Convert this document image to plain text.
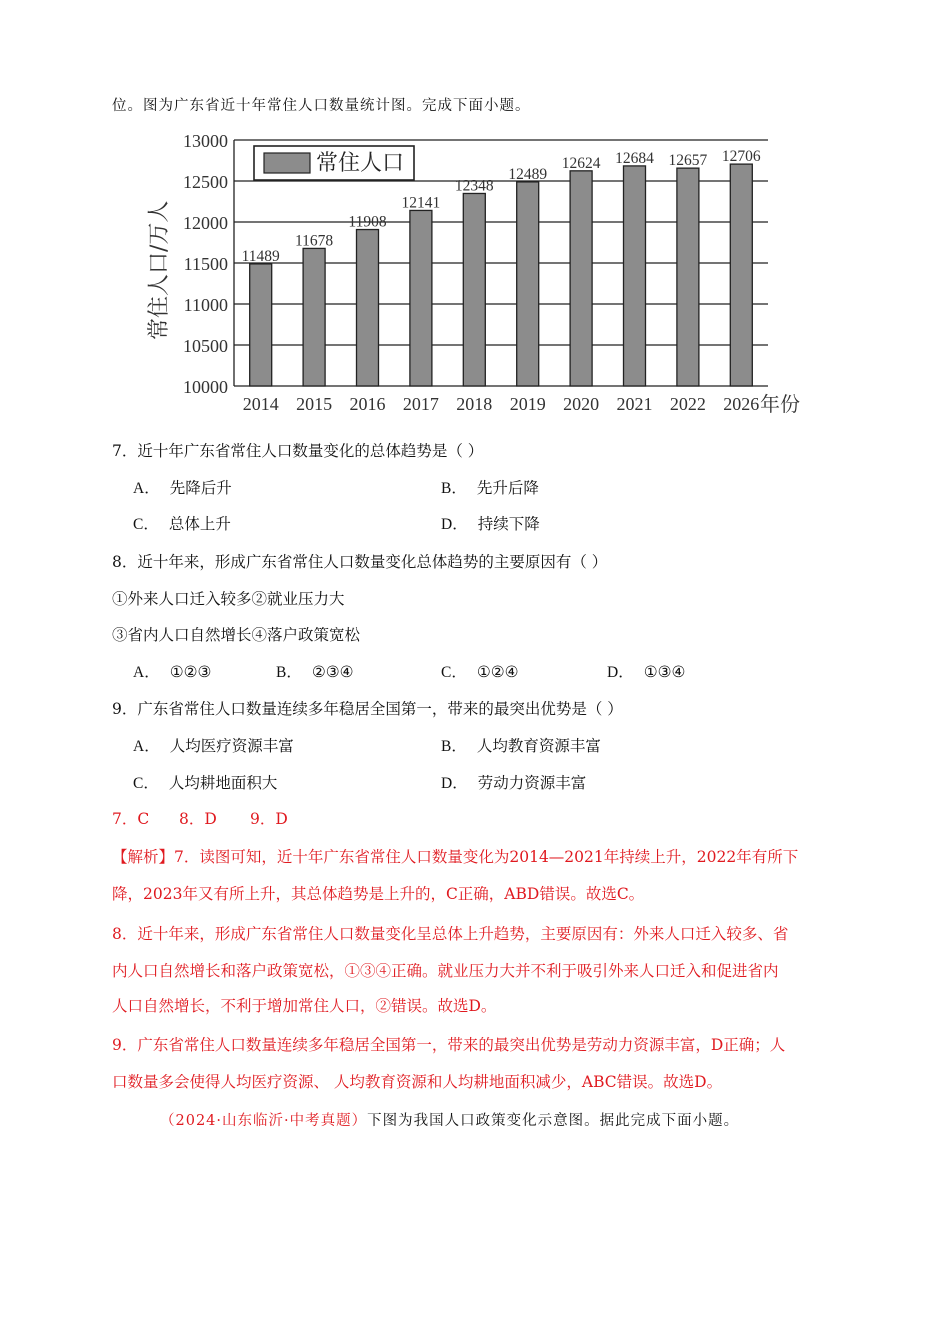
位。图为广东省近十年常住人口数量统计图。完成下面小题。
11489
11678
11908
12141
12348
12489
12624 12684 12657 12706
10000
10500
11000
11500
12000
12500
13000
2014 2015 2016 2017 2018 2019 2020 2021 2022 2026
常住人口
常住人口/万人
年份
7．近十年广东省常住人口数量变化的总体趋势是（ ）
A． 先降后升	B． 先升后降
C． 总体上升	D． 持续下降
8．近十年来，形成广东省常住人口数量变化总体趋势的主要原因有（ ）
①外来人口迁入较多②就业压力大
③省内人口自然增长④落户政策宽松
A． ①②③	B． ②③④	C． ①②④	D． ①③④
9．广东省常住人口数量连续多年稳居全国第一，带来的最突出优势是（ ）
A． 人均医疗资源丰富	B． 人均教育资源丰富
C． 人均耕地面积大	D． 劳动力资源丰富
7．C 8．D 9．D
【解析】7．读图可知，近十年广东省常住人口数量变化为2014—2021年持续上升，2022年有所下
降，2023年又有所上升，其总体趋势是上升的，C正确，ABD错误。故选C。
8．近十年来，形成广东省常住人口数量变化呈总体上升趋势，主要原因有：外来人口迁入较多、省
内人口自然增长和落户政策宽松，①③④正确。就业压力大并不利于吸引外来人口迁入和促进省内
人口自然增长，不利于增加常住人口，②错误。故选D。
9．广东省常住人口数量连续多年稳居全国第一，带来的最突出优势是劳动力资源丰富，D正确；人
口数量多会使得人均医疗资源、 人均教育资源和人均耕地面积减少，ABC错误。故选D。
（2024·山东临沂·中考真题）下图为我国人口政策变化示意图。据此完成下面小题。
